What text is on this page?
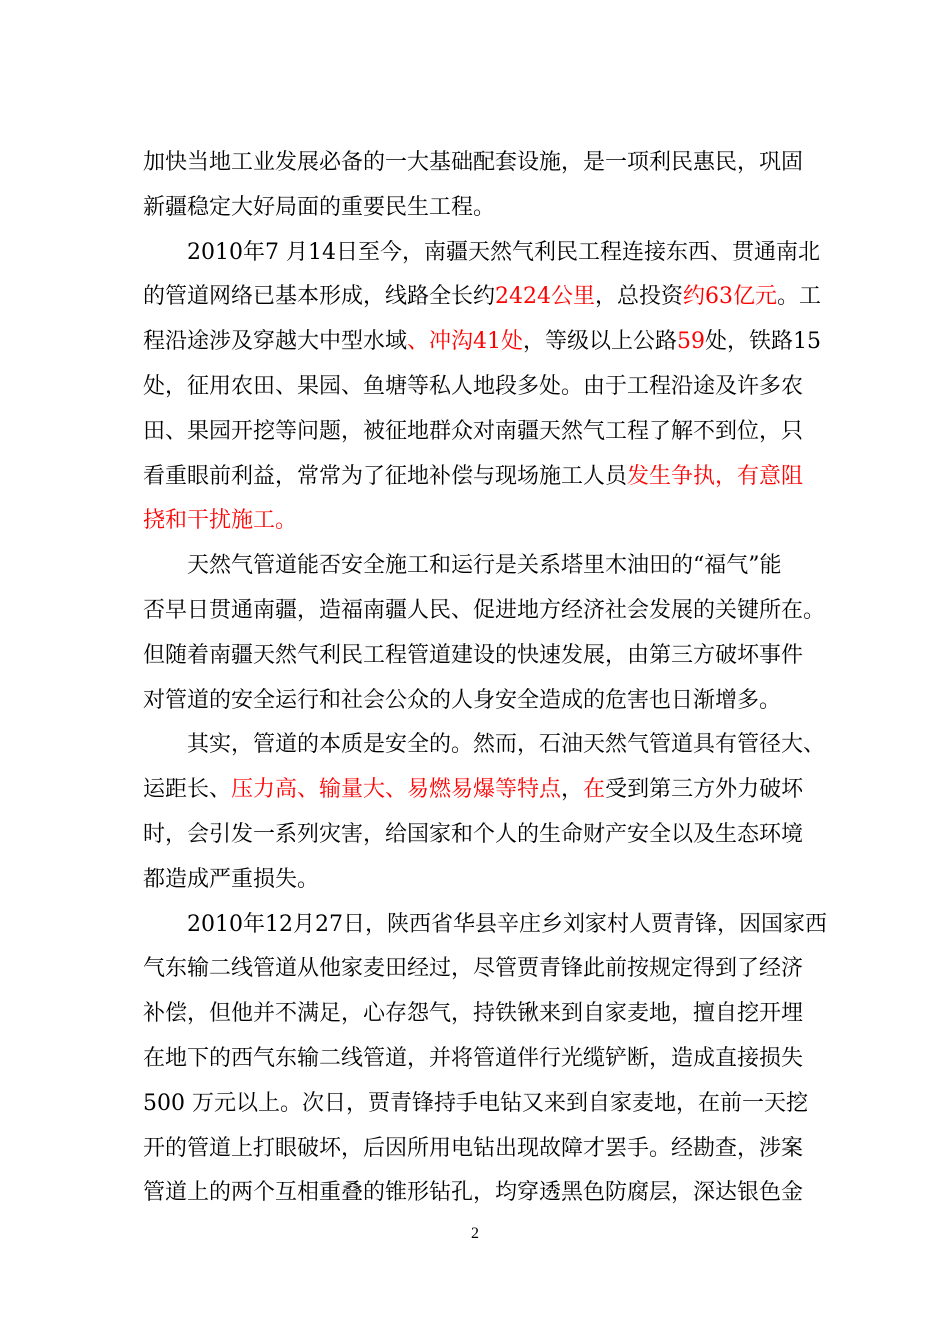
加快当地工业发展必备的一大基础配套设施，是一项利民惠民，巩固
新疆稳定大好局面的重要民生工程。

2010年7 月14日至今，南疆天然气利民工程连接东西、贯通南北
的管道网络已基本形成，线路全长约2424公里，总投资约63亿元。工
程沿途涉及穿越大中型水域、冲沟41处，等级以上公路59处，铁路15
处，征用农田、果园、鱼塘等私人地段多处。由于工程沿途及许多农
田、果园开挖等问题，被征地群众对南疆天然气工程了解不到位，只
看重眼前利益，常常为了征地补偿与现场施工人员发生争执，有意阻
挠和干扰施工。

天然气管道能否安全施工和运行是关系塔里木油田的“福气”能
否早日贯通南疆，造福南疆人民、促进地方经济社会发展的关键所在。
但随着南疆天然气利民工程管道建设的快速发展，由第三方破坏事件
对管道的安全运行和社会公众的人身安全造成的危害也日渐增多。

其实，管道的本质是安全的。然而，石油天然气管道具有管径大、
运距长、压力高、输量大、易燃易爆等特点，在受到第三方外力破坏
时，会引发一系列灾害，给国家和个人的生命财产安全以及生态环境
都造成严重损失。

2010年12月27日，陕西省华县辛庄乡刘家村人贾青锋，因国家西
气东输二线管道从他家麦田经过，尽管贾青锋此前按规定得到了经济
补偿，但他并不满足，心存怨气，持铁锹来到自家麦地，擅自挖开埋
在地下的西气东输二线管道，并将管道伴行光缆铲断，造成直接损失
500 万元以上。次日，贾青锋持手电钻又来到自家麦地，在前一天挖
开的管道上打眼破坏，后因所用电钻出现故障才罢手。经勘查，涉案
管道上的两个互相重叠的锥形钻孔，均穿透黑色防腐层，深达银色金

2
